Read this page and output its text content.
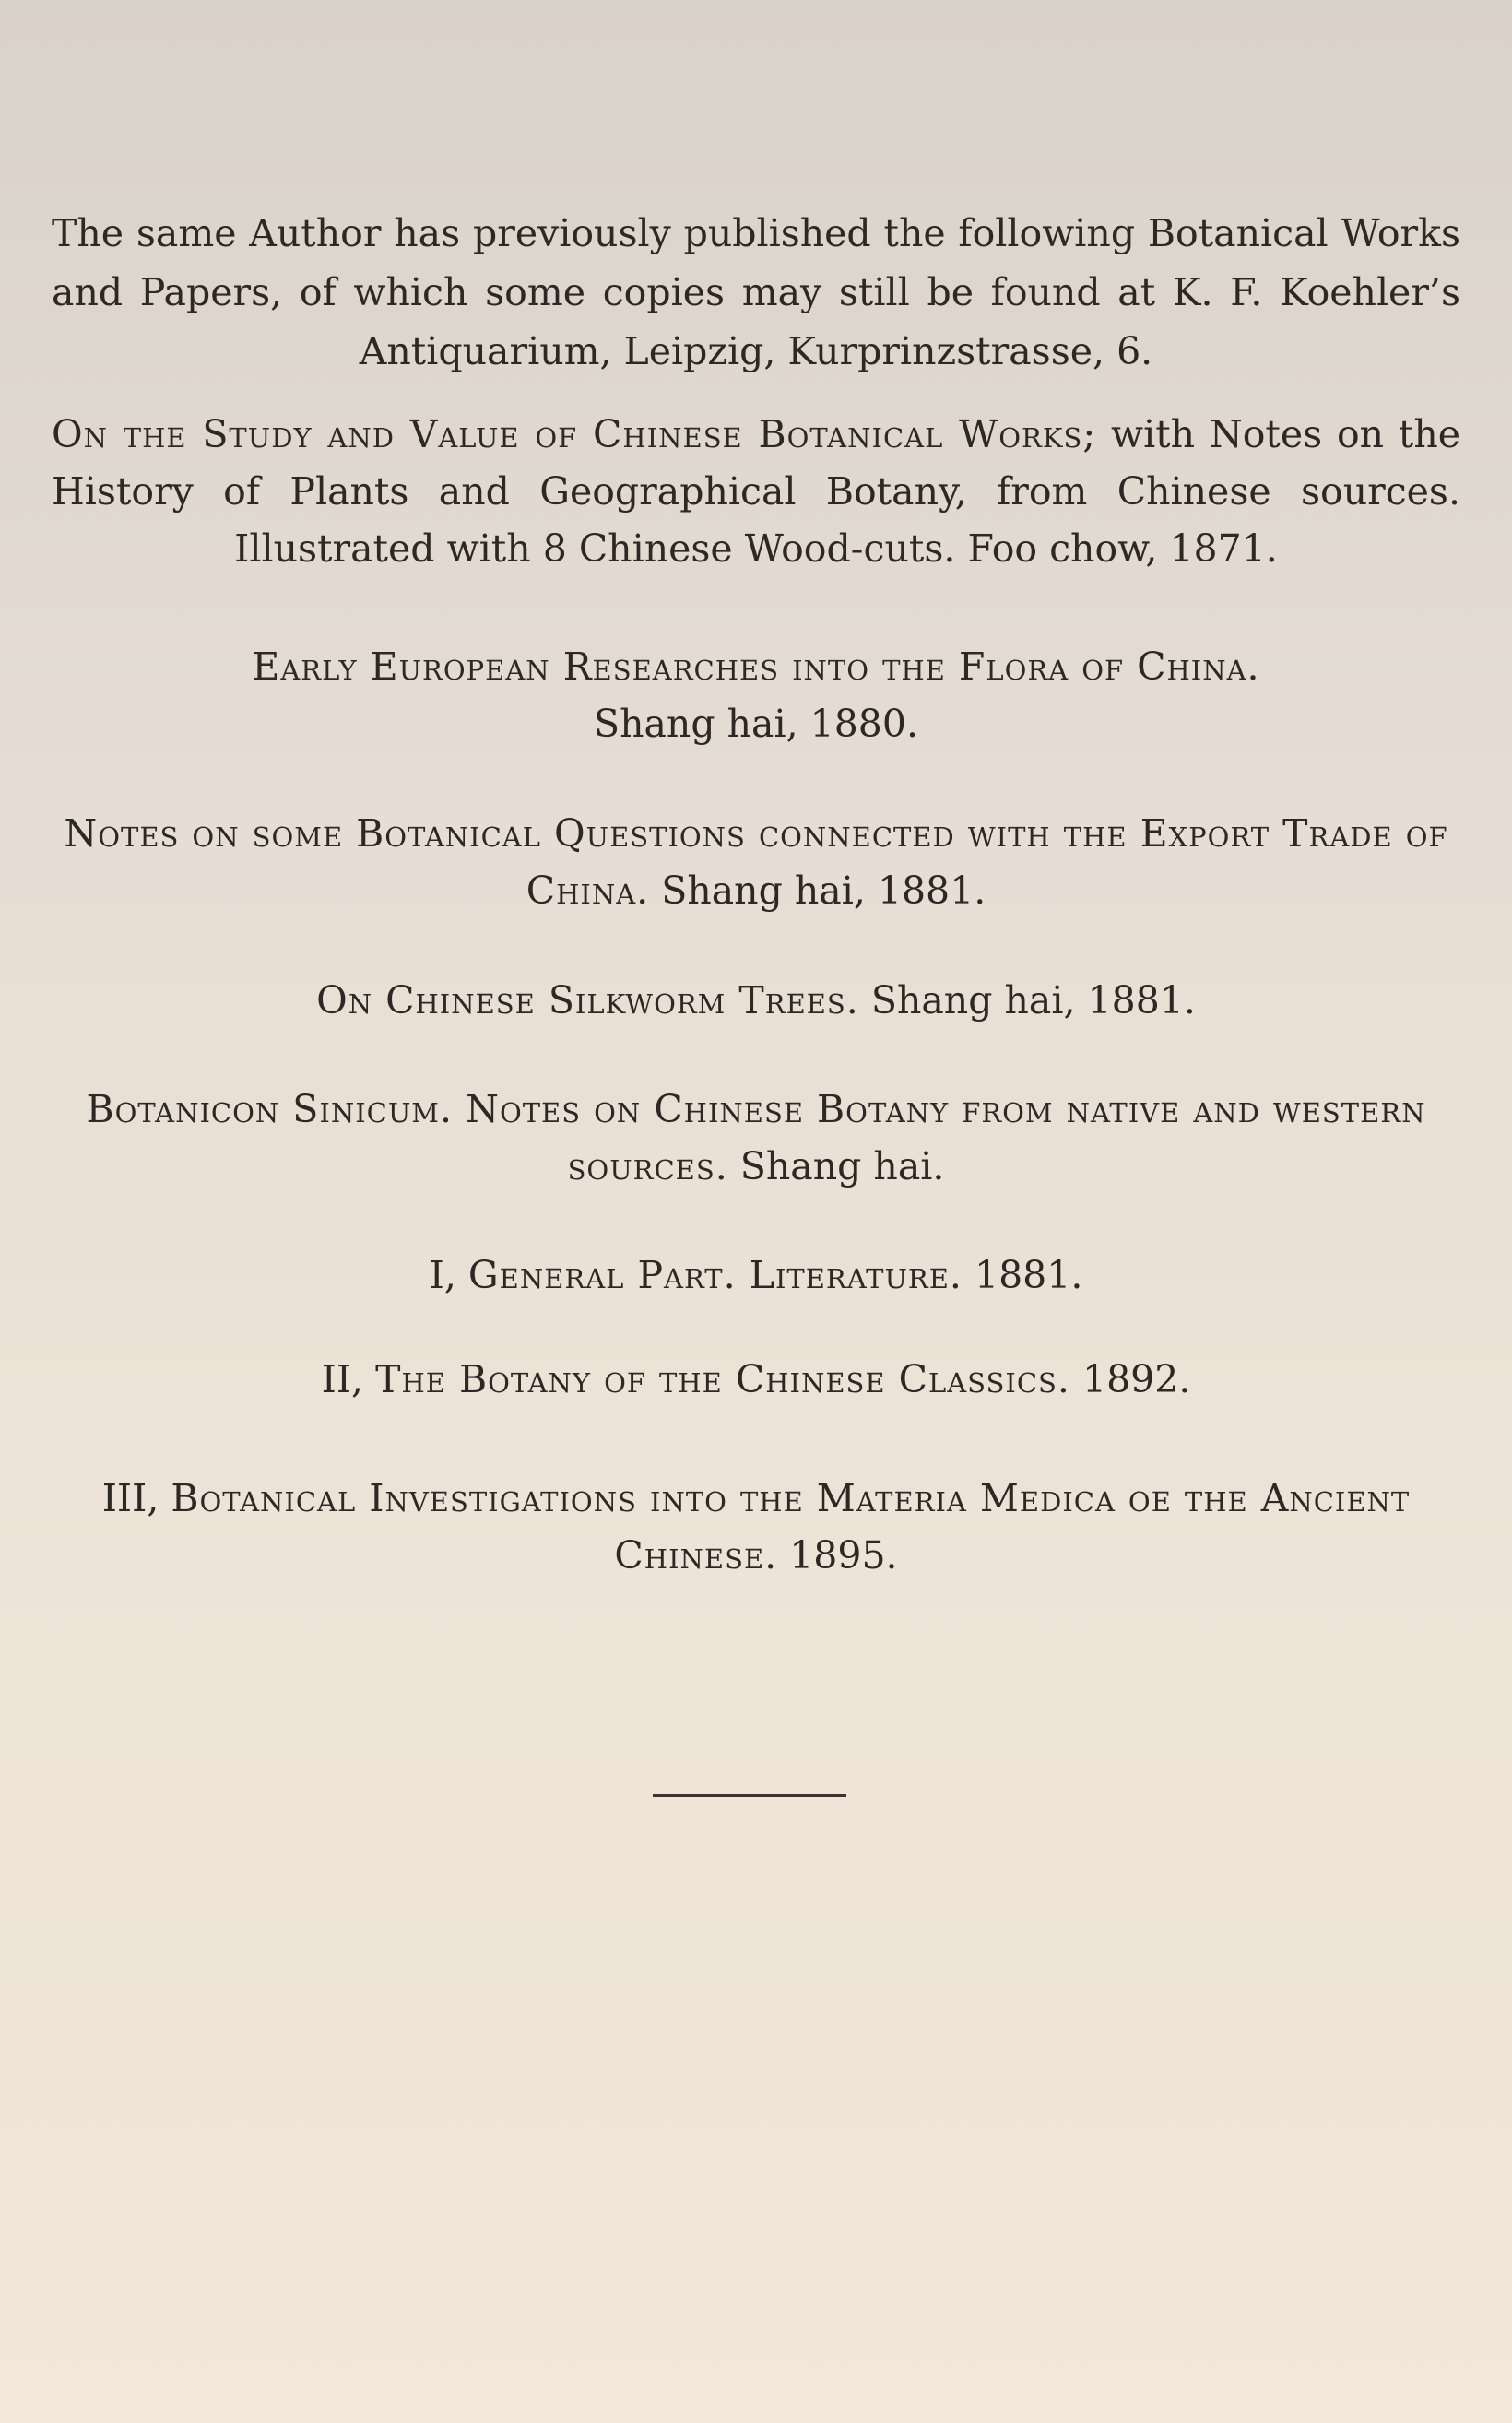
The same Author has previously published the following Botanical Works and Papers, of which some copies may still be found at K. F. Koehler’s Antiquarium, Leipzig, Kurprinzstrasse, 6.

On the Study and Value of Chinese Botanical Works; with Notes on the History of Plants and Geographical Botany, from Chinese sources. Illustrated with 8 Chinese Wood-cuts. Foo chow, 1871.
Early European Researches into the Flora of China.
Shang hai, 1880.
Notes on some Botanical Questions connected with the Export Trade of China. Shang hai, 1881.
On Chinese Silkworm Trees. Shang hai, 1881.
Botanicon Sinicum. Notes on Chinese Botany from native and western sources. Shang hai.
I, General Part. Literature. 1881.
II, The Botany of the Chinese Classics. 1892.
III, Botanical Investigations into the Materia Medica oe the Ancient Chinese. 1895.
